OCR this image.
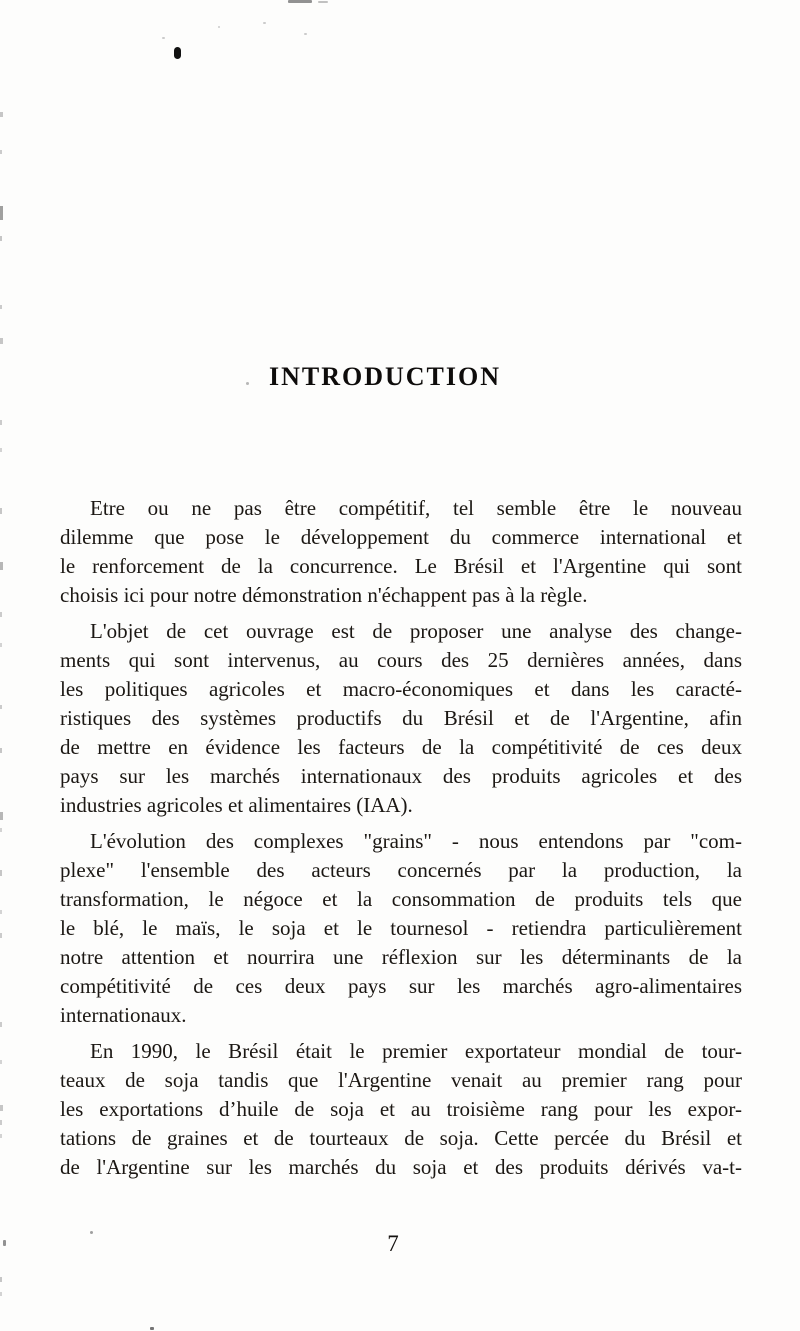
INTRODUCTION
Etre ou ne pas être compétitif, tel semble être le nouveau
dilemme que pose le développement du commerce international et
le renforcement de la concurrence. Le Brésil et l'Argentine qui sont
choisis ici pour notre démonstration n'échappent pas à la règle.
L'objet de cet ouvrage est de proposer une analyse des change-
ments qui sont intervenus, au cours des 25 dernières années, dans
les politiques agricoles et macro-économiques et dans les caracté-
ristiques des systèmes productifs du Brésil et de l'Argentine, afin
de mettre en évidence les facteurs de la compétitivité de ces deux
pays sur les marchés internationaux des produits agricoles et des
industries agricoles et alimentaires (IAA).
L'évolution des complexes "grains" - nous entendons par "com-
plexe" l'ensemble des acteurs concernés par la production, la
transformation, le négoce et la consommation de produits tels que
le blé, le maïs, le soja et le tournesol - retiendra particulièrement
notre attention et nourrira une réflexion sur les déterminants de la
compétitivité de ces deux pays sur les marchés agro-alimentaires
internationaux.
En 1990, le Brésil était le premier exportateur mondial de tour-
teaux de soja tandis que l'Argentine venait au premier rang pour
les exportations d’huile de soja et au troisième rang pour les expor-
tations de graines et de tourteaux de soja. Cette percée du Brésil et
de l'Argentine sur les marchés du soja et des produits dérivés va-t-
7
